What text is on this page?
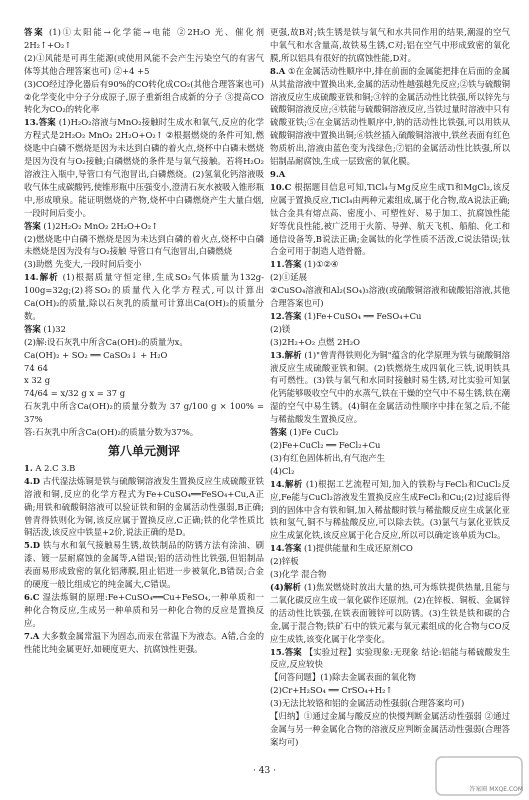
答案 (1)①太阳能→化学能→电能 ②2H₂O 光、催化剂 2H₂↑+O₂↑

(2)①风能是可再生能源(或使用风能不会产生污染空气的有害气体等其他合理答案也可) ②+4 +5

(3)CO经过净化器后有90%的CO转化成CO₂(其他合理答案也可) ②化学变化中分子分成原子,原子重新组合成新的分子 ③提高CO转化为CO₂的转化率

13.答案 (1)H₂O₂溶液与MnO₂接触时生成水和氧气,反应的化学方程式是2H₂O₂ MnO₂ 2H₂O+O₂↑ ②根据燃烧的条件可知,燃烧匙中白磷不燃烧是因为未达到白磷的着火点,烧杯中白磷未燃烧是因为没有与O₂接触;白磷燃烧的条件是与氧气接触。若将H₂O₂溶液注入瓶中,导管口有气泡冒出,白磷燃烧。(2)氢氧化钙溶液吸收气体生成碳酸钙,使锥形瓶中压强变小,澄清石灰水被吸入锥形瓶中,形成喷泉。能证明燃烧的产物,烧杯中白磷燃烧产生大量白烟,一段时间后变小。

答案 (1)2H₂O₂ MnO₂ 2H₂O+O₂↑

(2)燃烧匙中白磷不燃烧是因为未达到白磷的着火点,烧杯中白磷未燃烧是因为没有与O₂接触 导管口有气泡冒出,白磷燃烧

(3)助燃 先变大,一段时间后变小

14.解析 (1)根据质量守恒定律,生成SO₂气体质量为132g-100g=32g;(2)将SO₂的质量代入化学方程式,可以计算出Ca(OH)₂的质量,除以石灰乳的质量可计算出Ca(OH)₂的质量分数。

答案 (1)32

(2)解:设石灰乳中所含Ca(OH)₂的质量为x。

Ca(OH)₂ + SO₂ ══ CaSO₃↓ + H₂O

74 64

x 32 g

74/64 = x/32 g x = 37 g

石灰乳中所含Ca(OH)₂的质量分数为 37 g/100 g × 100% = 37%

答:石灰乳中所含Ca(OH)₂的质量分数为37%。

第八单元测评

1. A 2.C 3.B

4.D 古代湿法炼铜是铁与硫酸铜溶液发生置换反应生成硫酸亚铁溶液和铜,反应的化学方程式为Fe+CuSO₄══FeSO₄+Cu,A正确;用铁和硫酸铜溶液可以验证铁和铜的金属活动性强弱,B正确;曾青得铁则化为铜,该反应属于置换反应,C正确;铁的化学性质比铜活泼,该反应中铁显+2价,说法正确的是D。

5.D 铁与水和氧气接触易生锈,故铁制品的防锈方法有涂油、刷漆、镀一层耐腐蚀的金属等,A错误;铝的活动性比铁强,但铝制品表面易形成致密的氧化铝薄膜,阻止铝进一步被氧化,B错误;合金的硬度一般比组成它的纯金属大,C错误。

6.C 湿法炼铜的原理:Fe+CuSO₄══Cu+FeSO₄,一种单质和一种化合物反应,生成另一种单质和另一种化合物的反应是置换反应。

7.A 大多数金属常温下为固态,而汞在常温下为液态。A错,合金的性能比纯金属更好,如硬度更大、抗腐蚀性更强。

更强,故B对;铁生锈是铁与氧气和水共同作用的结果,潮湿的空气中氧气和水含量高,故铁易生锈,C对;铝在空气中形成致密的氧化膜,所以铝具有很好的抗腐蚀性能,D对。

8.A ①在金属活动性顺序中,排在前面的金属能把排在后面的金属从其盐溶液中置换出来,金属的活动性越强越先反应;②铁与硫酸铜溶液反应生成硫酸亚铁和铜;③锌的金属活动性比铁强,所以锌先与硫酸铜溶液反应;④铁能与硫酸铜溶液反应,当铁过量时溶液中只有硫酸亚铁;⑤在金属活动性顺序中,钠的活动性比铁强,可以用铁从硫酸铜溶液中置换出铜;⑥铁丝插入硫酸铜溶液中,铁丝表面有红色物质析出,溶液由蓝色变为浅绿色;⑦铝的金属活动性比铁强,所以铝制品耐腐蚀,生成一层致密的氧化膜。

9.A

10.C 根据题目信息可知,TiCl₄与Mg反应生成Ti和MgCl₂,该反应属于置换反应,TiCl₄由两种元素组成,属于化合物,故A说法正确;钛合金具有熔点高、密度小、可塑性好、易于加工、抗腐蚀性能好等优良性能,被广泛用于火箭、导弹、航天飞机、船舶、化工和通信设备等,B说法正确;金属钛的化学性质不活泼,C说法错误;钛合金可用于制造人造骨骼。

11.答案 (1)①②④

(2)①延展

②CuSO₄溶液和Al₂(SO₄)₃溶液(或硫酸铜溶液和硫酸铝溶液,其他合理答案也可)

12.答案 (1)Fe+CuSO₄ ══ FeSO₄+Cu

(2)镁

(3)2H₂+O₂ 点燃 2H₂O

13.解析 (1)"曾青得铁则化为铜"蕴含的化学原理为铁与硫酸铜溶液反应生成硫酸亚铁和铜。(2)铁燃烧生成四氧化三铁,说明铁具有可燃性。(3)铁与氧气和水同时接触时易生锈,对比实验可知氯化钙能够吸收空气中的水蒸气,铁在干燥的空气中不易生锈,铁在潮湿的空气中易生锈。(4)铜在金属活动性顺序中排在氢之后,不能与稀盐酸发生置换反应。

答案 (1)Fe CuCl₂

(2)Fe+CuCl₂ ══ FeCl₂+Cu

(3)有红色固体析出,有气泡产生

(4)Cl₂

14.解析 (1)根据工艺流程可知,加入的铁粉与FeCl₃和CuCl₂反应,Fe能与CuCl₂溶液发生置换反应生成FeCl₂和Cu;(2)过滤后得到的固体中含有铁和铜,加入稀盐酸时铁与稀盐酸反应生成氯化亚铁和氢气,铜不与稀盐酸反应,可以除去铁。(3)氯气与氯化亚铁反应生成氯化铁,该反应属于化合反应,所以可以确定该单质为Cl₂。

14.答案 (1)提供能量和生成还原剂CO

(2)锌板

(3)化学 混合物

(4)解析 (1)焦炭燃烧时放出大量的热,可为炼铁提供热量,且能与二氧化碳反应生成一氧化碳作还原剂。(2)在锌板、铜板、金属锌的活动性比铁强,在铁表面镀锌可以防锈。(3)生铁是铁和碳的合金,属于混合物;铁矿石中的铁元素与氧元素组成的化合物与CO反应生成铁,该变化属于化学变化。

15.答案 【实验过程】实验现象:无现象 结论:铝能与稀硫酸发生反应,反应较快

【问答问题】(1)除去金属表面的氧化物

(2)Cr+H₂SO₄ ══ CrSO₄+H₂↑

(3)无法比较铬和铝的金属活动性强弱(合理答案均可)

【归纳】①通过金属与酸反应的快慢判断金属活动性强弱 ②通过金属与另一种金属化合物的溶液反应判断金属活动性强弱(合理答案均可)

· 43 ·
答案圈 MXQE.COM
